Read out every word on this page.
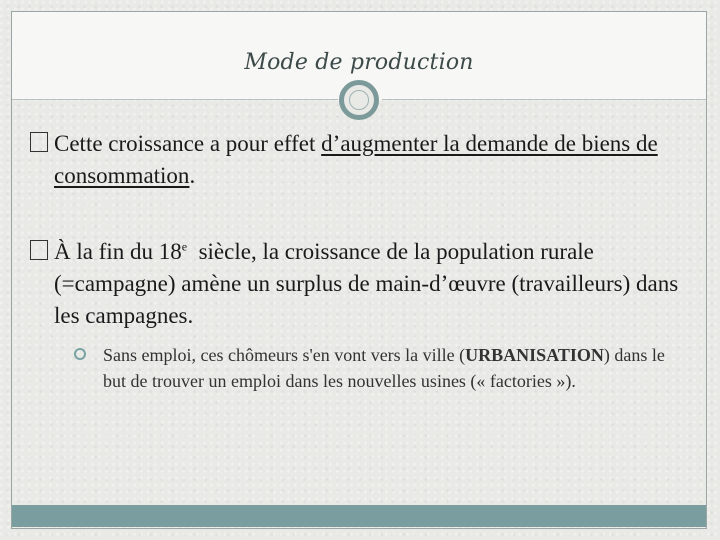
Mode de production

Cette croissance a pour effet d’augmenter la demande de biens de consommation.

À la fin du 18e  siècle, la croissance de la population rurale (=campagne) amène un surplus de main-d’œuvre (travailleurs) dans les campagnes.

Sans emploi, ces chômeurs s'en vont vers la ville (URBANISATION) dans le but de trouver un emploi dans les nouvelles usines (« factories »).
